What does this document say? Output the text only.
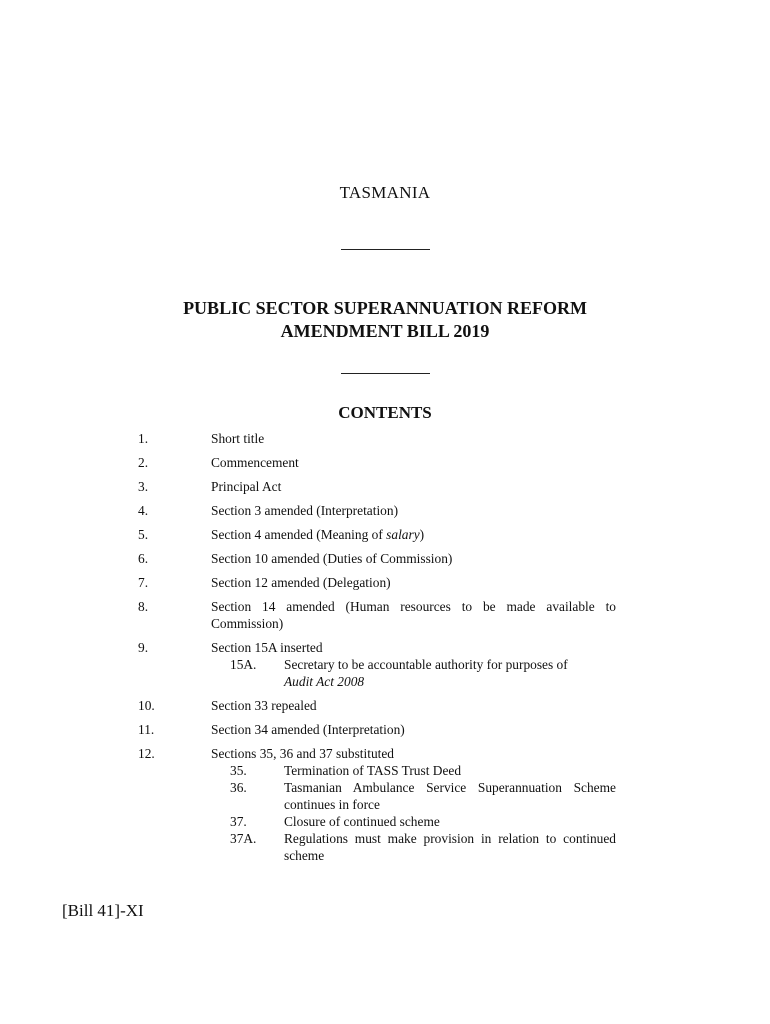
TASMANIA
PUBLIC SECTOR SUPERANNUATION REFORM
AMENDMENT BILL 2019
CONTENTS
1.	Short title
2.	Commencement
3.	Principal Act
4.	Section 3 amended (Interpretation)
5.	Section 4 amended (Meaning of salary)
6.	Section 10 amended (Duties of Commission)
7.	Section 12 amended (Delegation)
8.	Section 14 amended (Human resources to be made available to Commission)
9.	Section 15A inserted
15A.	Secretary to be accountable authority for purposes of
Audit Act 2008
10.	Section 33 repealed
11.	Section 34 amended (Interpretation)
12.	Sections 35, 36 and 37 substituted
35.	Termination of TASS Trust Deed
36.	Tasmanian Ambulance Service Superannuation Scheme continues in force
37.	Closure of continued scheme
37A.	Regulations must make provision in relation to continued scheme
[Bill 41]-XI
